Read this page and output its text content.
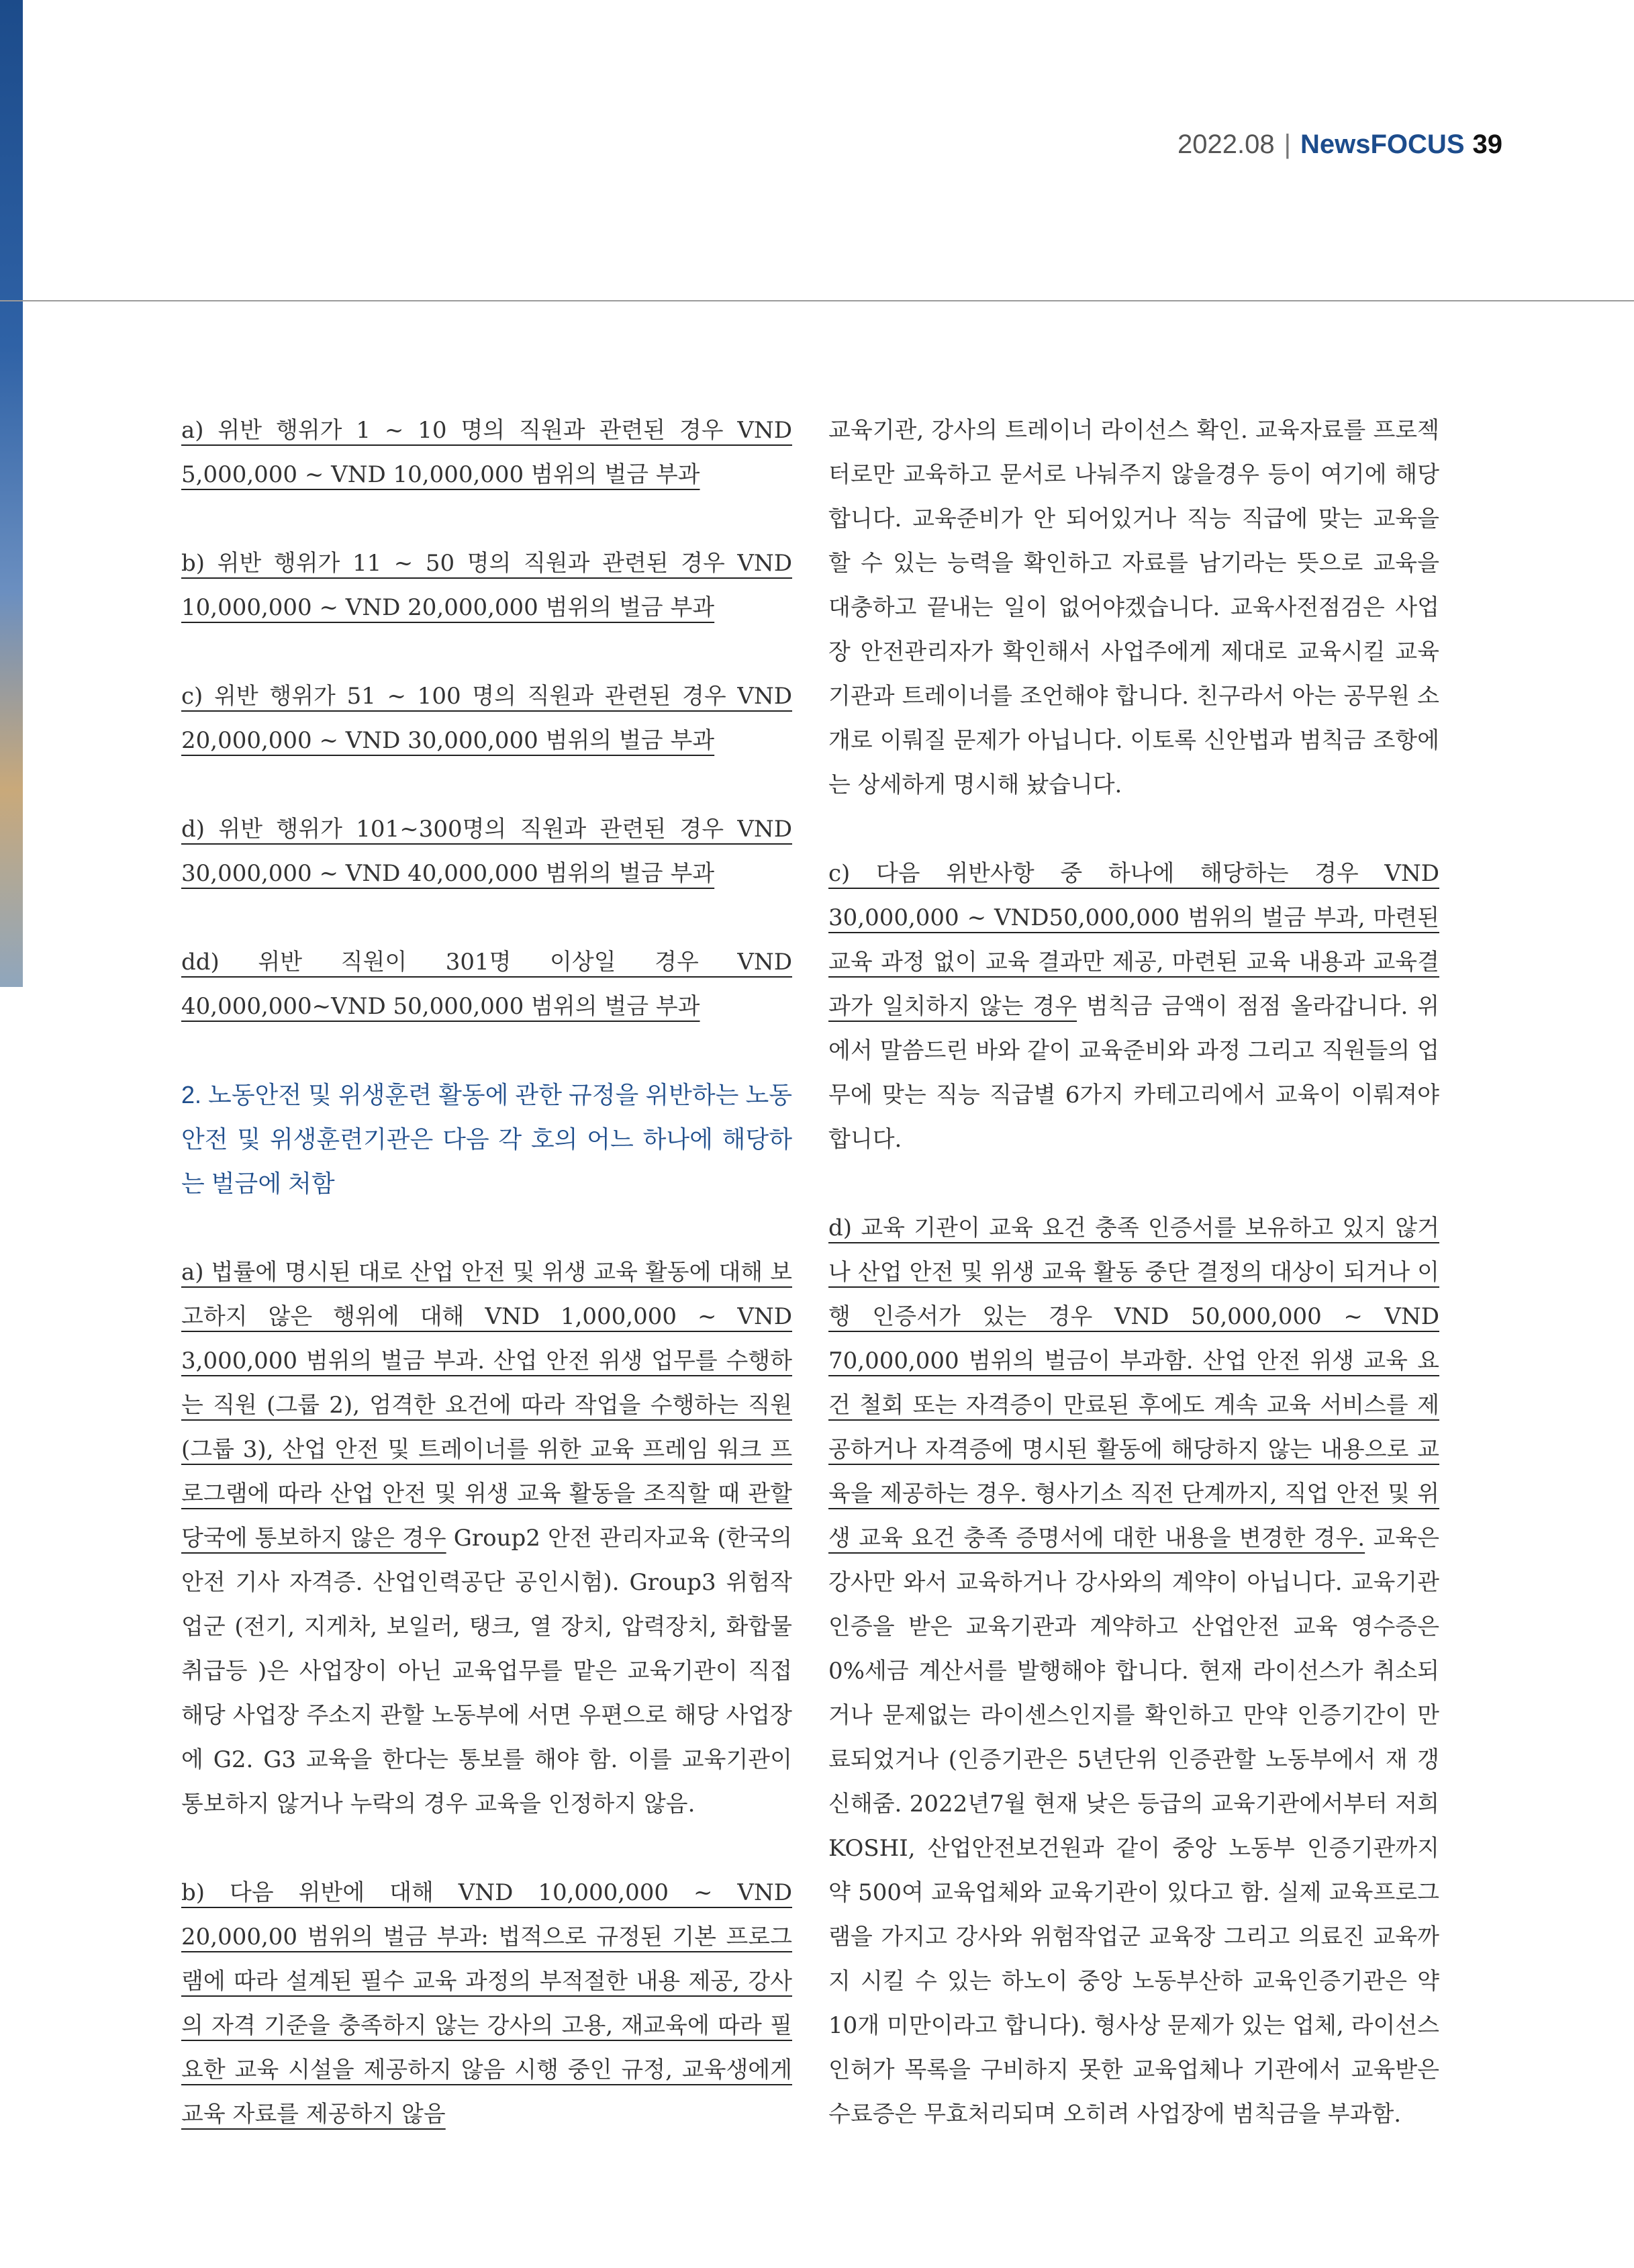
2022.08 | News FOCUS 39

a) 위반 행위가 1 ~ 10 명의 직원과 관련된 경우 VND 5,000,000 ~ VND 10,000,000 범위의 벌금 부과

b) 위반 행위가 11 ~ 50 명의 직원과 관련된 경우 VND 10,000,000 ~ VND 20,000,000 범위의 벌금 부과

c) 위반 행위가 51 ~ 100 명의 직원과 관련된 경우 VND 20,000,000 ~ VND 30,000,000 범위의 벌금 부과

d) 위반 행위가 101~300명의 직원과 관련된 경우 VND 30,000,000 ~ VND 40,000,000 범위의 벌금 부과

dd) 위반 직원이 301명 이상일 경우 VND 40,000,000~VND 50,000,000 범위의 벌금 부과

2. 노동안전 및 위생훈련 활동에 관한 규정을 위반하는 노동 안전 및 위생훈련기관은 다음 각 호의 어느 하나에 해당하는 벌금에 처함

a) 법률에 명시된 대로 산업 안전 및 위생 교육 활동에 대해 보고하지 않은 행위에 대해 VND 1,000,000 ~ VND 3,000,000 범위의 벌금 부과. 산업 안전 위생 업무를 수행하는 직원 (그룹 2), 엄격한 요건에 따라 작업을 수행하는 직원 (그룹 3), 산업 안전 및 트레이너를 위한 교육 프레임 워크 프로그램에 따라 산업 안전 및 위생 교육 활동을 조직할 때 관할 당국에 통보하지 않은 경우 Group2 안전 관리자교육 (한국의 안전 기사 자격증. 산업인력공단 공인시험). Group3 위험작업군 (전기, 지게차, 보일러, 탱크, 열 장치, 압력장치, 화합물 취급등 )은 사업장이 아닌 교육업무를 맡은 교육기관이 직접해당 사업장 주소지 관할 노동부에 서면 우편으로 해당 사업장에 G2. G3 교육을 한다는 통보를 해야 함. 이를 교육기관이 통보하지 않거나 누락의 경우 교육을 인정하지 않음.

b) 다음 위반에 대해 VND 10,000,000 ~ VND 20,000,00 범위의 벌금 부과: 법적으로 규정된 기본 프로그램에 따라 설계된 필수 교육 과정의 부적절한 내용 제공, 강사의 자격 기준을 충족하지 않는 강사의 고용, 재교육에 따라 필요한 교육 시설을 제공하지 않음 시행 중인 규정, 교육생에게 교육 자료를 제공하지 않음

교육기관, 강사의 트레이너 라이선스 확인. 교육자료를 프로젝터로만 교육하고 문서로 나눠주지 않을경우 등이 여기에 해당합니다. 교육준비가 안 되어있거나 직능 직급에 맞는 교육을 할 수 있는 능력을 확인하고 자료를 남기라는 뜻으로 교육을 대충하고 끝내는 일이 없어야겠습니다. 교육사전점검은 사업장 안전관리자가 확인해서 사업주에게 제대로 교육시킬 교육기관과 트레이너를 조언해야 합니다. 친구라서 아는 공무원 소개로 이뤄질 문제가 아닙니다. 이토록 신안법과 범칙금 조항에는 상세하게 명시해 놨습니다.

c) 다음 위반사항 중 하나에 해당하는 경우 VND 30,000,000 ~ VND50,000,000 범위의 벌금 부과, 마련된 교육 과정 없이 교육 결과만 제공, 마련된 교육 내용과 교육결과가 일치하지 않는 경우 범칙금 금액이 점점 올라갑니다. 위에서 말씀드린 바와 같이 교육준비와 과정 그리고 직원들의 업무에 맞는 직능 직급별 6가지 카테고리에서 교육이 이뤄져야 합니다.

d) 교육 기관이 교육 요건 충족 인증서를 보유하고 있지 않거나 산업 안전 및 위생 교육 활동 중단 결정의 대상이 되거나 이행 인증서가 있는 경우 VND 50,000,000 ~ VND 70,000,000 범위의 벌금이 부과함. 산업 안전 위생 교육 요건 철회 또는 자격증이 만료된 후에도 계속 교육 서비스를 제공하거나 자격증에 명시된 활동에 해당하지 않는 내용으로 교육을 제공하는 경우. 형사기소 직전 단계까지, 직업 안전 및 위생 교육 요건 충족 증명서에 대한 내용을 변경한 경우. 교육은 강사만 와서 교육하거나 강사와의 계약이 아닙니다. 교육기관 인증을 받은 교육기관과 계약하고 산업안전 교육 영수증은 0%세금 계산서를 발행해야 합니다. 현재 라이선스가 취소되거나 문제없는 라이센스인지를 확인하고 만약 인증기간이 만료되었거나 (인증기관은 5년단위 인증관할 노동부에서 재 갱신해줌. 2022년7월 현재 낮은 등급의 교육기관에서부터 저희 KOSHI, 산업안전보건원과 같이 중앙 노동부 인증기관까지 약 500여 교육업체와 교육기관이 있다고 함. 실제 교육프로그램을 가지고 강사와 위험작업군 교육장 그리고 의료진 교육까지 시킬 수 있는 하노이 중앙 노동부산하 교육인증기관은 약 10개 미만이라고 합니다). 형사상 문제가 있는 업체, 라이선스 인허가 목록을 구비하지 못한 교육업체나 기관에서 교육받은 수료증은 무효처리되며 오히려 사업장에 범칙금을 부과함.
